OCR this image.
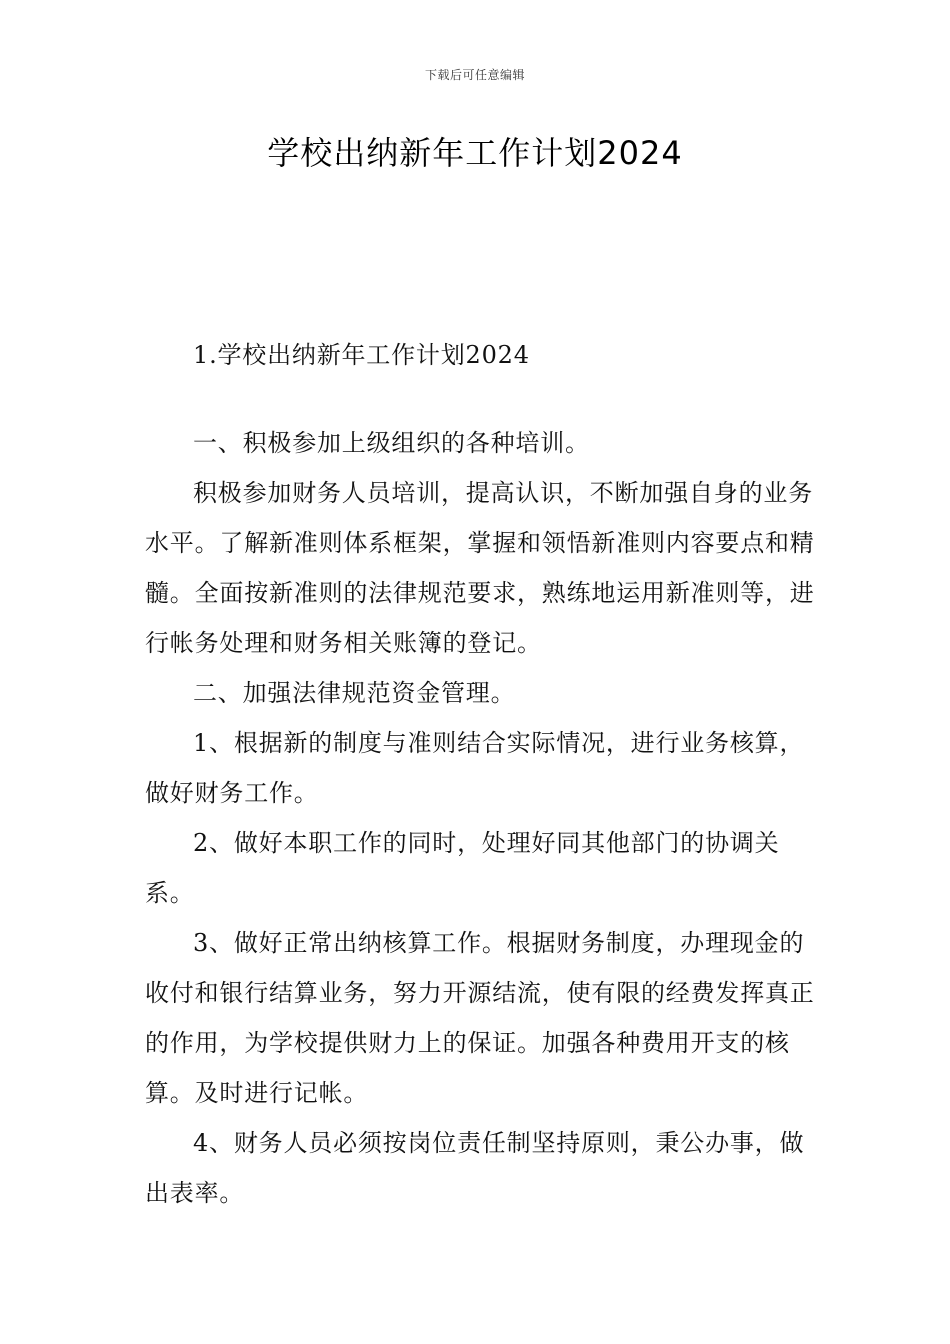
下载后可任意编辑
学校出纳新年工作计划2024

1.学校出纳新年工作计划2024

一、积极参加上级组织的各种培训。

积极参加财务人员培训，提高认识，不断加强自身的业务水平。了解新准则体系框架，掌握和领悟新准则内容要点和精髓。全面按新准则的法律规范要求，熟练地运用新准则等，进行帐务处理和财务相关账簿的登记。

二、加强法律规范资金管理。

1、根据新的制度与准则结合实际情况，进行业务核算，做好财务工作。

2、做好本职工作的同时，处理好同其他部门的协调关系。

3、做好正常出纳核算工作。根据财务制度，办理现金的收付和银行结算业务，努力开源结流，使有限的经费发挥真正的作用，为学校提供财力上的保证。加强各种费用开支的核算。及时进行记帐。

4、财务人员必须按岗位责任制坚持原则，秉公办事，做出表率。
